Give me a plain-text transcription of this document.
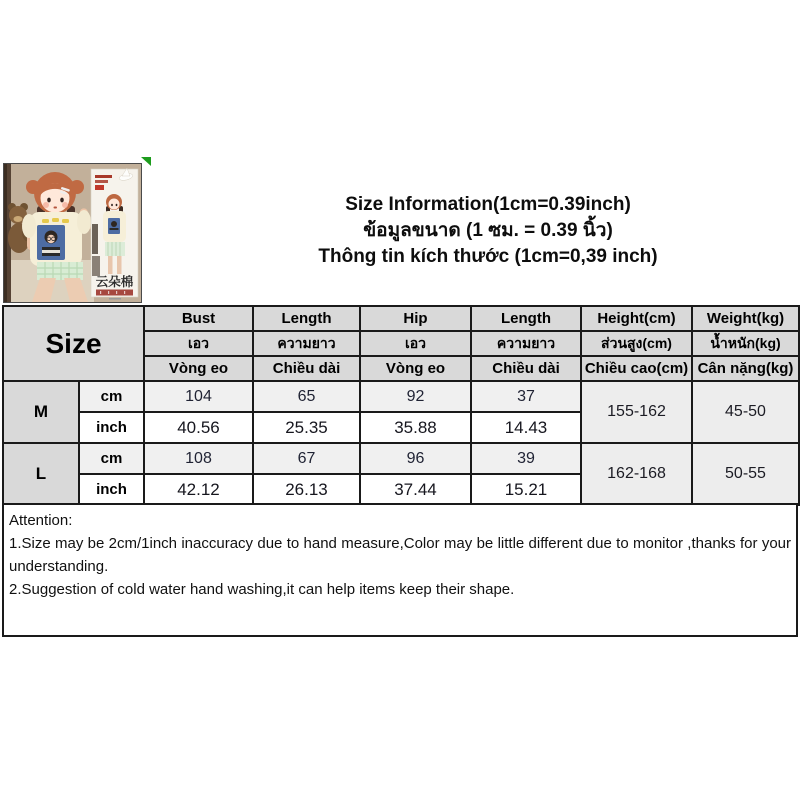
云朵棉
Size Information(1cm=0.39inch)
ข้อมูลขนาด (1 ซม. = 0.39 นิ้ว)
Thông tin kích thước (1cm=0,39 inch)
Size		Bust	Length	Hip	Length	Height(cm)	Weight(kg)
		เอว	ความยาว	เอว	ความยาว	ส่วนสูง(cm)	น้ำหนัก(kg)
		Vòng eo	Chiều dài	Vòng eo	Chiều dài	Chiều cao(cm)	Cân nặng(kg)
M	cm	104	65	92	37	155-162	45-50
	inch	40.56	25.35	35.88	14.43		
L	cm	108	67	96	39	162-168	50-55
	inch	42.12	26.13	37.44	15.21		
Attention:
1.Size may be 2cm/1inch inaccuracy due to hand measure,Color may be little different due to monitor ,thanks for your understanding.
2.Suggestion of cold water hand washing,it can help items keep their shape.
